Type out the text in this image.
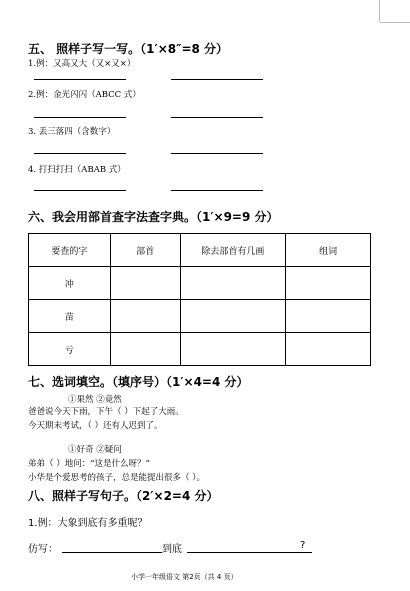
五、 照样子写一写。（1′×8″=8 分）
1.例：又高又大（又×又×）
2.例：金光闪闪（ABCC 式）
3. 丢三落四（含数字）
4. 打扫打扫（ABAB 式）
六、我会用部首查字法查字典。（1′×9=9 分）
要查的字	部首	除去部首有几画	组词
冲			
苗			
亏			
七、选词填空。（填序号）（1′×4=4 分）
①果然 ②竟然
爸爸说今天下雨，下午（ ）下起了大雨。
今天期末考试，（ ）还有人迟到了。
①好奇 ②疑问
弟弟（ ）地问：“这是什么呀？”
小华是个爱思考的孩子，总是能提出很多（ ）。
八、照样子写句子。（2′×2=4 分）
1.例：大象到底有多重呢？
仿写：	到底	?
小学一年级语文 第2页（共 4 页）
